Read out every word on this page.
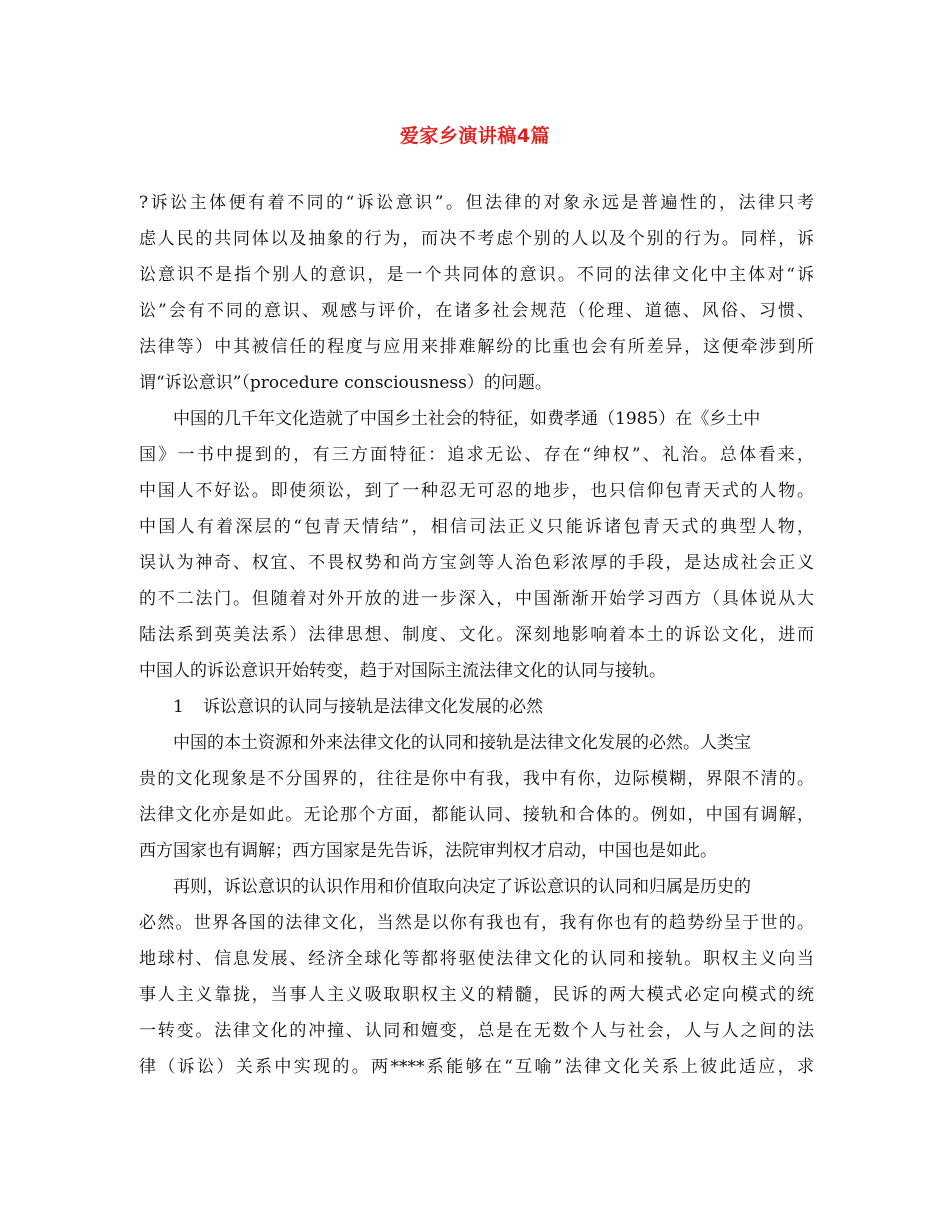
爱家乡演讲稿4篇
?诉讼主体便有着不同的“诉讼意识”。但法律的对象永远是普遍性的，法律只考
虑人民的共同体以及抽象的行为，而决不考虑个别的人以及个别的行为。同样，诉
讼意识不是指个别人的意识，是一个共同体的意识。不同的法律文化中主体对“诉
讼”会有不同的意识、观感与评价，在诸多社会规范（伦理、道德、风俗、习惯、
法律等）中其被信任的程度与应用来排难解纷的比重也会有所差异，这便牵涉到所
谓“诉讼意识”（procedure consciousness）的问题。
中国的几千年文化造就了中国乡土社会的特征，如费孝通（1985）在《乡土中
国》一书中提到的，有三方面特征：追求无讼、存在“绅权”、礼治。总体看来，
中国人不好讼。即使须讼，到了一种忍无可忍的地步，也只信仰包青天式的人物。
中国人有着深层的“包青天情结”，相信司法正义只能诉诸包青天式的典型人物，
误认为神奇、权宜、不畏权势和尚方宝剑等人治色彩浓厚的手段，是达成社会正义
的不二法门。但随着对外开放的进一步深入，中国渐渐开始学习西方（具体说从大
陆法系到英美法系）法律思想、制度、文化。深刻地影响着本土的诉讼文化，进而
中国人的诉讼意识开始转变，趋于对国际主流法律文化的认同与接轨。
1 诉讼意识的认同与接轨是法律文化发展的必然
中国的本土资源和外来法律文化的认同和接轨是法律文化发展的必然。人类宝
贵的文化现象是不分国界的，往往是你中有我，我中有你，边际模糊，界限不清的。
法律文化亦是如此。无论那个方面，都能认同、接轨和合体的。例如，中国有调解，
西方国家也有调解；西方国家是先告诉，法院审判权才启动，中国也是如此。
再则，诉讼意识的认识作用和价值取向决定了诉讼意识的认同和归属是历史的
必然。世界各国的法律文化，当然是以你有我也有，我有你也有的趋势纷呈于世的。
地球村、信息发展、经济全球化等都将驱使法律文化的认同和接轨。职权主义向当
事人主义靠拢，当事人主义吸取职权主义的精髓，民诉的两大模式必定向模式的统
一转变。法律文化的冲撞、认同和嬗变，总是在无数个人与社会，人与人之间的法
律（诉讼）关系中实现的。两****系能够在“互喻”法律文化关系上彼此适应，求
